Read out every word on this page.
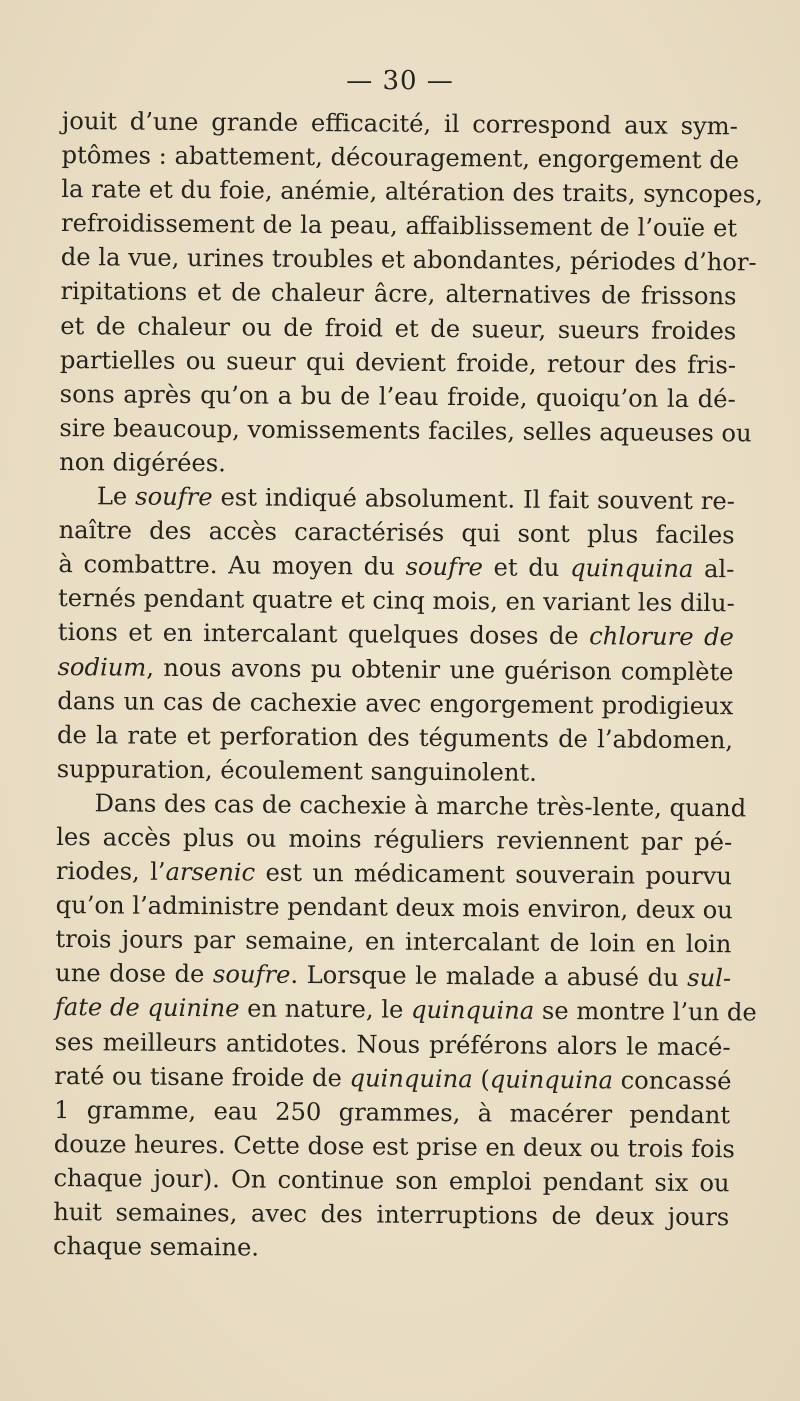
— 30 —
jouit d’une grande efficacité, il correspond aux sym-
ptômes : abattement, découragement, engorgement de
la rate et du foie, anémie, altération des traits, syncopes,
refroidissement de la peau, affaiblissement de l’ouïe et
de la vue, urines troubles et abondantes, périodes d’hor-
ripitations et de chaleur âcre, alternatives de frissons
et de chaleur ou de froid et de sueur, sueurs froides
partielles ou sueur qui devient froide, retour des fris-
sons après qu’on a bu de l’eau froide, quoiqu’on la dé-
sire beaucoup, vomissements faciles, selles aqueuses ou
non digérées.
Le soufre est indiqué absolument. Il fait souvent re-
naître des accès caractérisés qui sont plus faciles
à combattre. Au moyen du soufre et du quinquina al-
ternés pendant quatre et cinq mois, en variant les dilu-
tions et en intercalant quelques doses de chlorure de
sodium, nous avons pu obtenir une guérison complète
dans un cas de cachexie avec engorgement prodigieux
de la rate et perforation des téguments de l’abdomen,
suppuration, écoulement sanguinolent.
Dans des cas de cachexie à marche très-lente, quand
les accès plus ou moins réguliers reviennent par pé-
riodes, l’arsenic est un médicament souverain pourvu
qu’on l’administre pendant deux mois environ, deux ou
trois jours par semaine, en intercalant de loin en loin
une dose de soufre. Lorsque le malade a abusé du sul-
fate de quinine en nature, le quinquina se montre l’un de
ses meilleurs antidotes. Nous préférons alors le macé-
raté ou tisane froide de quinquina (quinquina concassé
1 gramme, eau 250 grammes, à macérer pendant
douze heures. Cette dose est prise en deux ou trois fois
chaque jour). On continue son emploi pendant six ou
huit semaines, avec des interruptions de deux jours
chaque semaine.
